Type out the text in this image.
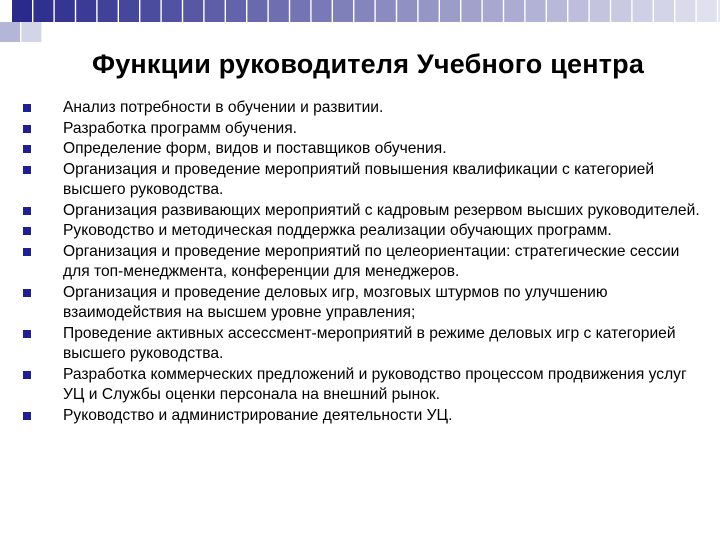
Функции руководителя Учебного центра
Анализ потребности в обучении и развитии.
Разработка программ обучения.
Определение форм, видов и поставщиков обучения.
Организация и проведение мероприятий повышения квалификации с категорией высшего руководства.
Организация развивающих мероприятий с кадровым резервом высших руководителей.
Руководство и методическая поддержка реализации обучающих программ.
Организация и проведение мероприятий по целеориентации: стратегические сессии для топ-менеджмента, конференции для менеджеров.
Организация и проведение деловых игр, мозговых штурмов по улучшению взаимодействия на высшем уровне управления;
Проведение активных ассессмент-мероприятий в режиме деловых игр с категорией высшего руководства.
Разработка коммерческих предложений и руководство процессом продвижения услуг УЦ и Службы оценки персонала на внешний рынок.
Руководство и администрирование деятельности УЦ.
